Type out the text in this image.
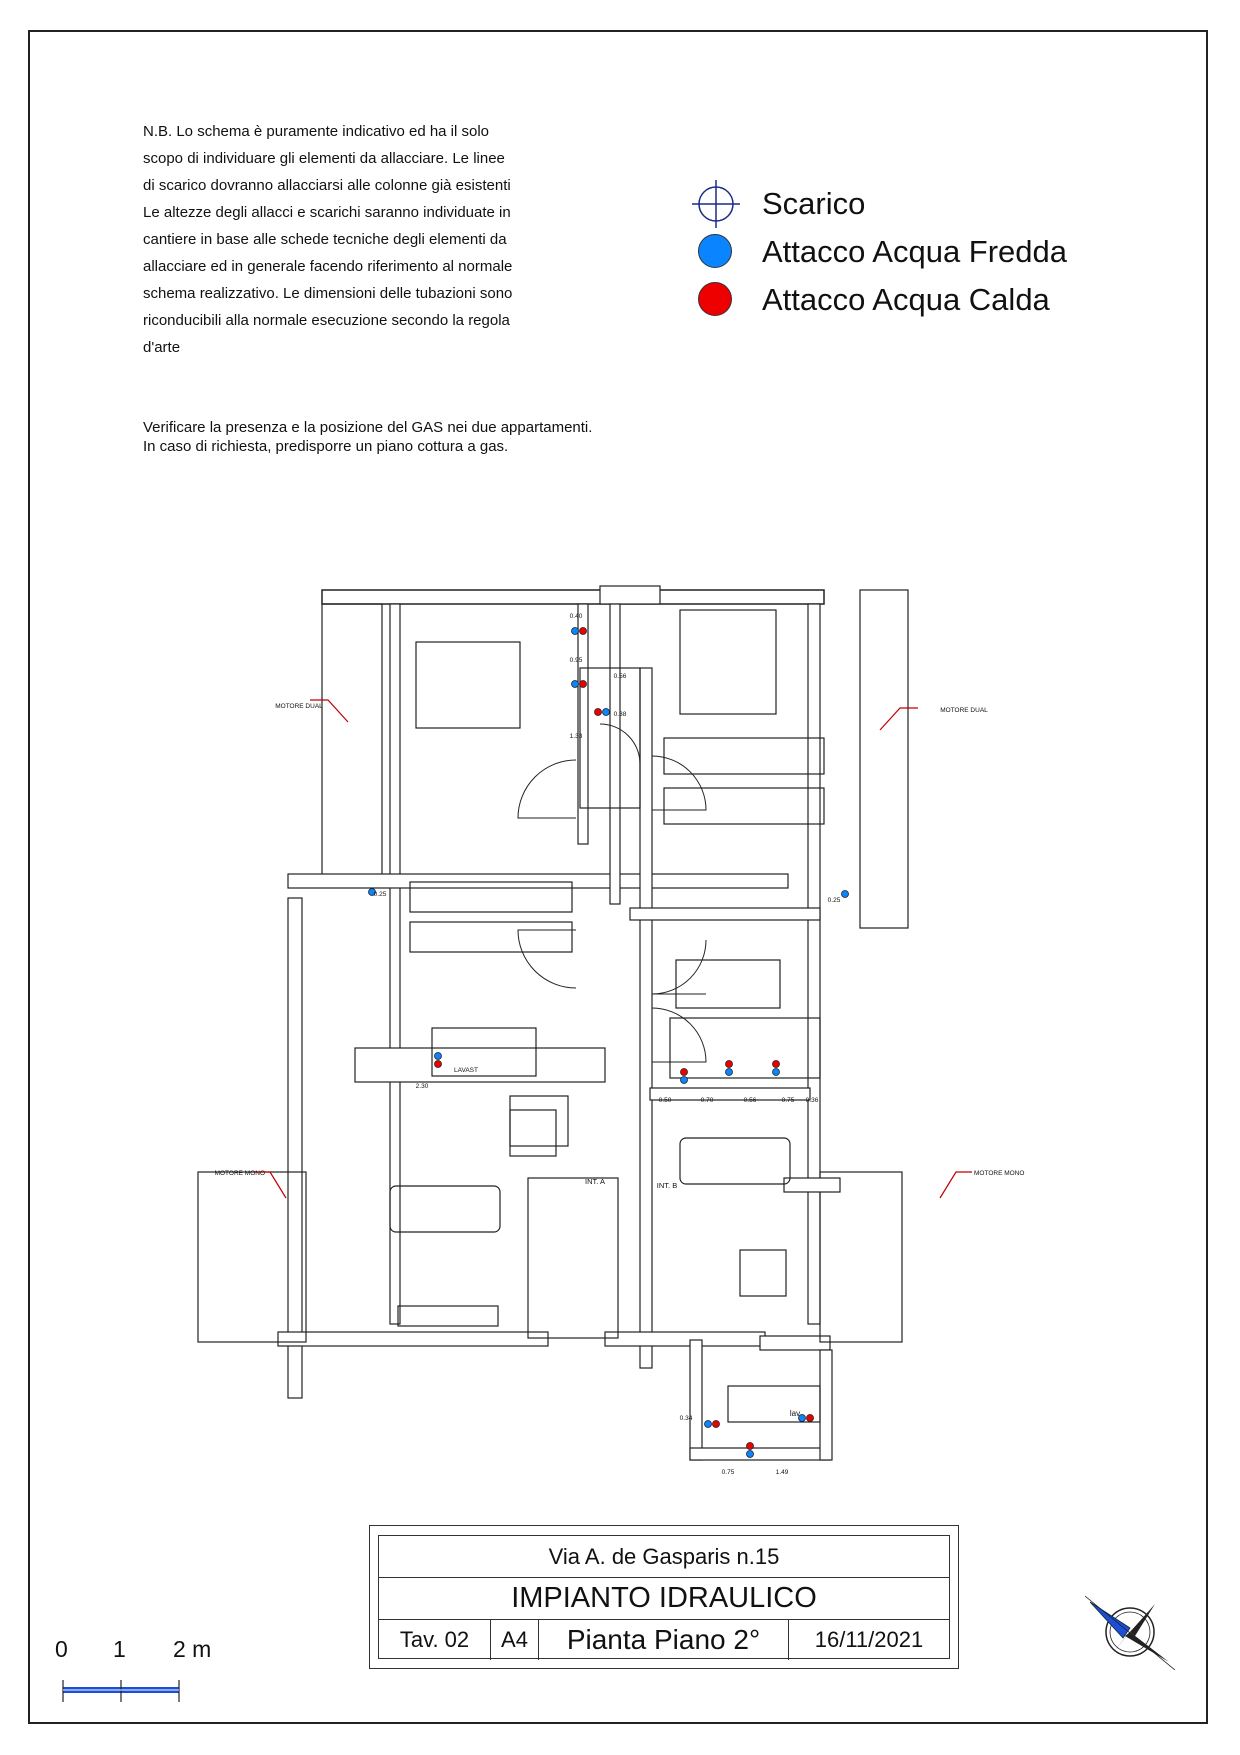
N.B. Lo schema è puramente indicativo ed ha il solo
scopo di individuare gli elementi da allacciare. Le linee
di scarico dovranno allacciarsi alle colonne già esistenti
Le altezze degli allacci e scarichi saranno individuate in
cantiere in base alle schede tecniche degli elementi da
allacciare ed in generale facendo riferimento al normale
schema realizzativo. Le dimensioni delle tubazioni sono
riconducibili alla normale esecuzione secondo la regola
d'arte
Verificare la presenza e la posizione del GAS nei due appartamenti.
In caso di richiesta, predisporre un piano cottura a gas.
Scarico
Attacco Acqua Fredda
Attacco Acqua Calda
MOTORE DUAL
MOTORE DUAL
MOTORE MONO	MOTORE MONO
INT. A	INT. B
LAVAST
lav
0.40
0.95
1.33
0.56
0.38
0.25
0.25
2.30
0.50	0.70	0.56	0.75 0.36
0.34
0.75	1.49
Via A. de Gasparis n.15
IMPIANTO IDRAULICO
Tav. 02	A4	Pianta Piano 2°	16/11/2021
0 1 2 m
